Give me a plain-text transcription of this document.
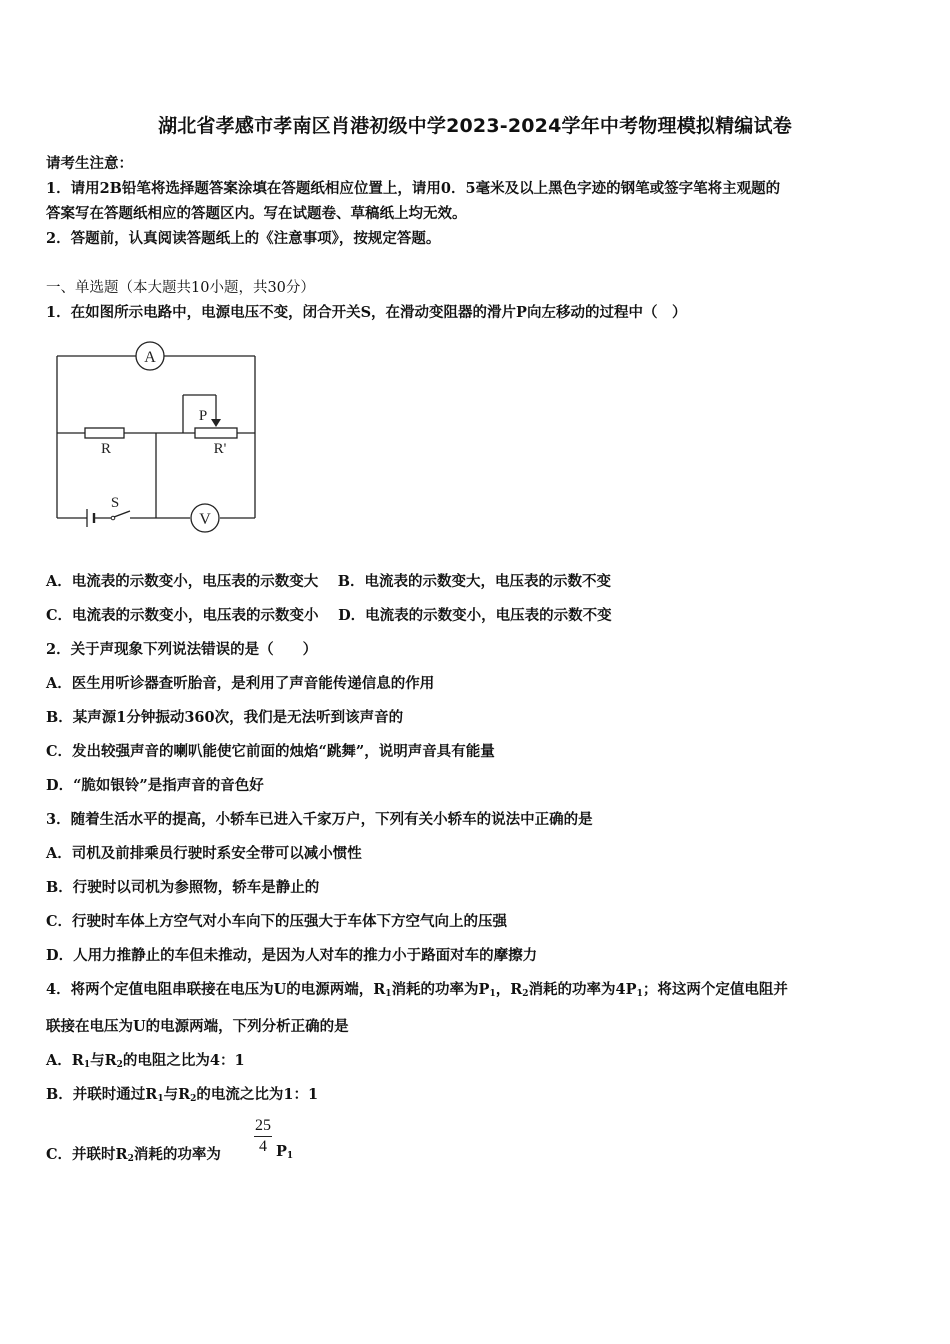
湖北省孝感市孝南区肖港初级中学2023-2024学年中考物理模拟精编试卷
请考生注意：
1．请用2B铅笔将选择题答案涂填在答题纸相应位置上，请用0．5毫米及以上黑色字迹的钢笔或签字笔将主观题的
答案写在答题纸相应的答题区内。写在试题卷、草稿纸上均无效。
2．答题前，认真阅读答题纸上的《注意事项》，按规定答题。
一、单选题（本大题共10小题，共30分）
1．在如图所示电路中，电源电压不变，闭合开关S，在滑动变阻器的滑片P向左移动的过程中（　）
A
R
P
R'
S
V
A．电流表的示数变小，电压表的示数变大　 B．电流表的示数变大，电压表的示数不变
C．电流表的示数变小，电压表的示数变小　 D．电流表的示数变小，电压表的示数不变
2．关于声现象下列说法错误的是（　　）
A．医生用听诊器查听胎音，是利用了声音能传递信息的作用
B．某声源1分钟振动360次，我们是无法听到该声音的
C．发出较强声音的喇叭能使它前面的烛焰“跳舞”，说明声音具有能量
D．“脆如银铃”是指声音的音色好
3．随着生活水平的提高，小轿车已进入千家万户，下列有关小轿车的说法中正确的是
A．司机及前排乘员行驶时系安全带可以减小惯性
B．行驶时以司机为参照物，轿车是静止的
C．行驶时车体上方空气对小车向下的压强大于车体下方空气向上的压强
D．人用力推静止的车但未推动，是因为人对车的推力小于路面对车的摩擦力
4．将两个定值电阻串联接在电压为U的电源两端，$R_1$消耗的功率为$P_1$，$R_2$消耗的功率为$4P_1$；将这两个定值电阻并
联接在电压为U的电源两端，下列分析正确的是
A．$R_1$与$R_2$的电阻之比为4：1
B．并联时通过$R_1$与$R_2$的电流之比为1：1
C．并联时$R_2$消耗的功率为
25
4 $P_1$
